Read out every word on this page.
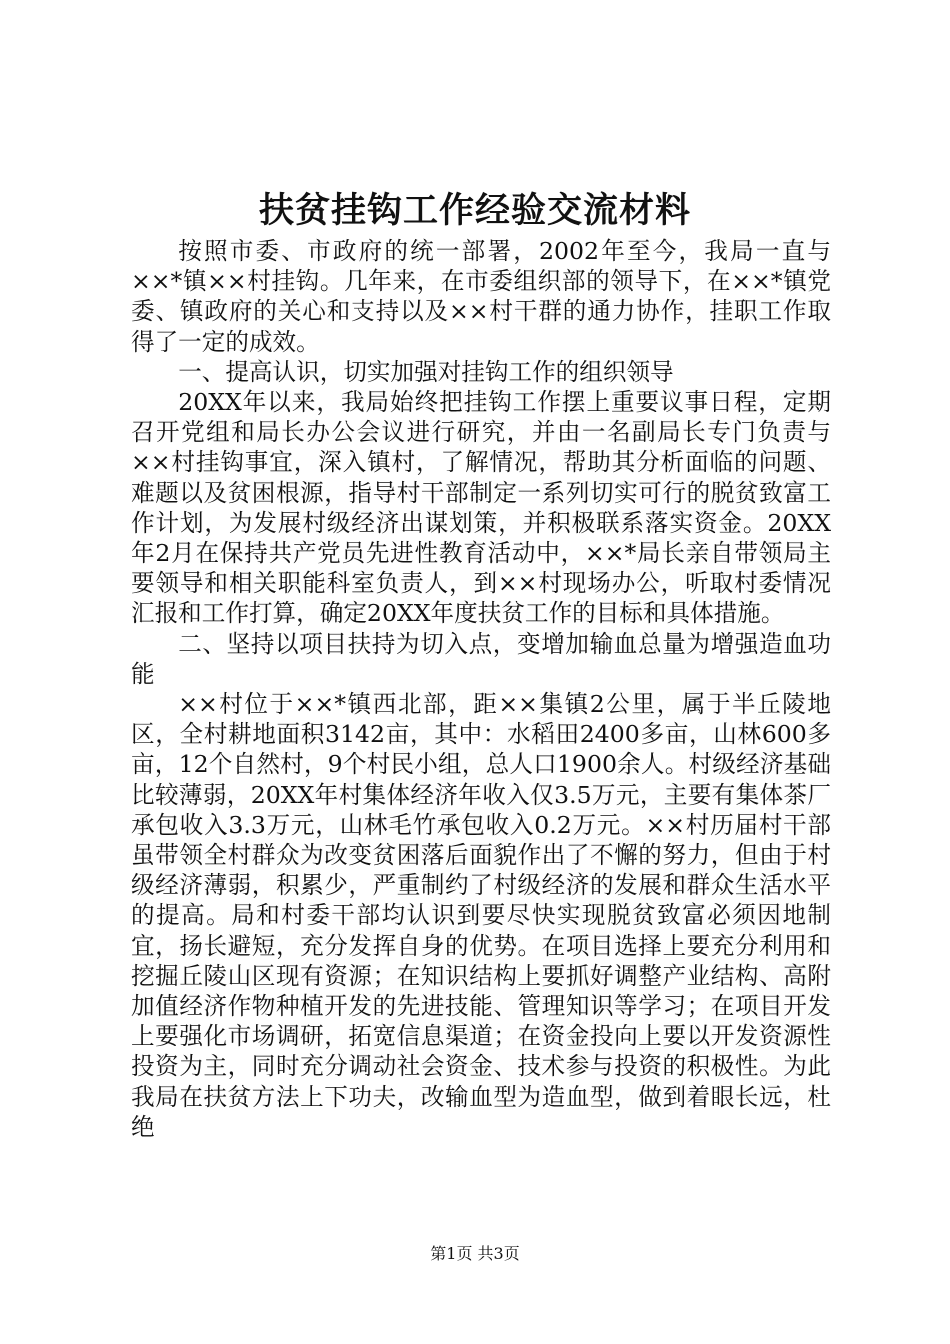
扶贫挂钩工作经验交流材料

按照市委、市政府的统一部署，2002年至今，我局一直与××*镇××村挂钩。几年来，在市委组织部的领导下，在××*镇党委、镇政府的关心和支持以及××村干群的通力协作，挂职工作取得了一定的成效。

一、提高认识，切实加强对挂钩工作的组织领导

20XX年以来，我局始终把挂钩工作摆上重要议事日程，定期召开党组和局长办公会议进行研究，并由一名副局长专门负责与××村挂钩事宜，深入镇村，了解情况，帮助其分析面临的问题、难题以及贫困根源，指导村干部制定一系列切实可行的脱贫致富工作计划，为发展村级经济出谋划策，并积极联系落实资金。20XX年2月在保持共产党员先进性教育活动中，××*局长亲自带领局主要领导和相关职能科室负责人，到××村现场办公，听取村委情况汇报和工作打算，确定20XX年度扶贫工作的目标和具体措施。

二、坚持以项目扶持为切入点，变增加输血总量为增强造血功能

××村位于××*镇西北部，距××集镇2公里，属于半丘陵地区，全村耕地面积3142亩，其中：水稻田2400多亩，山林600多亩，12个自然村，9个村民小组，总人口1900余人。村级经济基础比较薄弱，20XX年村集体经济年收入仅3.5万元，主要有集体茶厂承包收入3.3万元，山林毛竹承包收入0.2万元。××村历届村干部虽带领全村群众为改变贫困落后面貌作出了不懈的努力，但由于村级经济薄弱，积累少，严重制约了村级经济的发展和群众生活水平的提高。局和村委干部均认识到要尽快实现脱贫致富必须因地制宜，扬长避短，充分发挥自身的优势。在项目选择上要充分利用和挖掘丘陵山区现有资源；在知识结构上要抓好调整产业结构、高附加值经济作物种植开发的先进技能、管理知识等学习；在项目开发上要强化市场调研，拓宽信息渠道；在资金投向上要以开发资源性投资为主，同时充分调动社会资金、技术参与投资的积极性。为此我局在扶贫方法上下功夫，改输血型为造血型，做到着眼长远，杜绝

第1页 共3页
